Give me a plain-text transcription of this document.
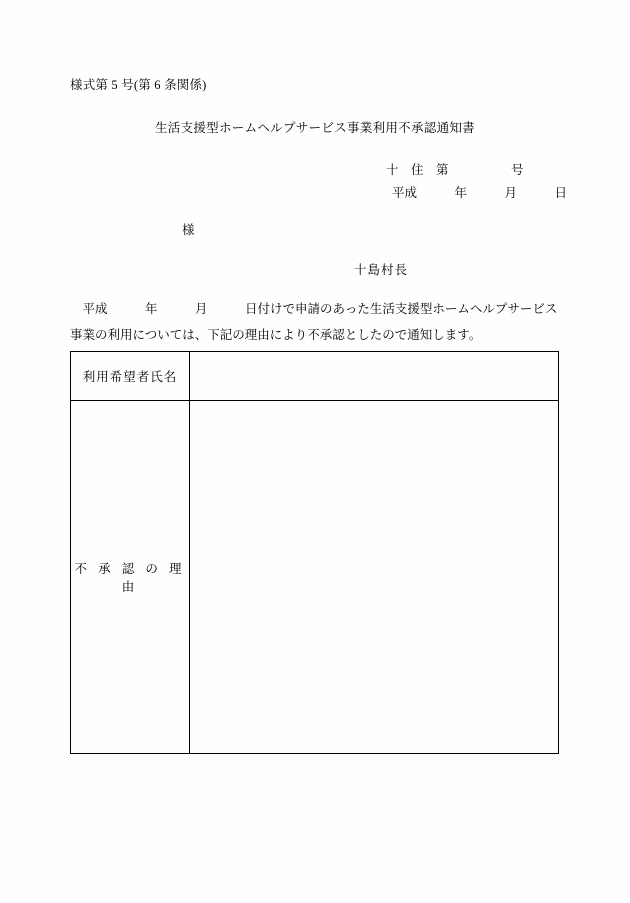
様式第 5 号(第 6 条関係)
生活支援型ホームヘルプサービス事業利用不承認通知書
十　住　第　　　　　号
平成　　　年　　　月　　　日
様
十島村長
　平成　　　年　　　月　　　日付けで申請のあった生活支援型ホームヘルプサービス事業の利用については、下記の理由により不承認としたので通知します。
利用希望者氏名	
不 承 認 の 理 由	
